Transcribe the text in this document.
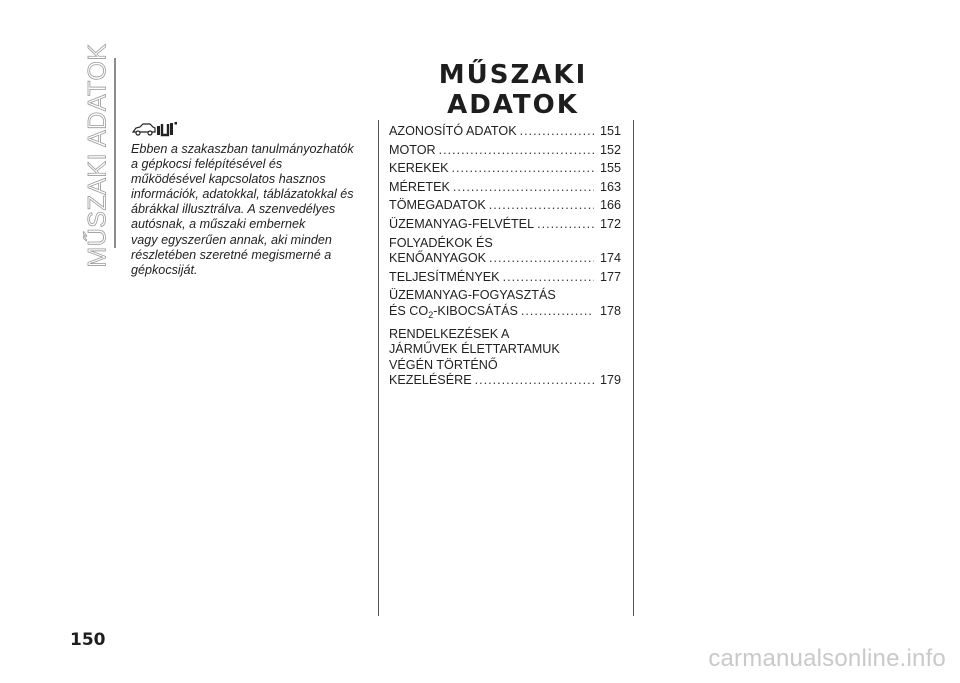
MŰSZAKI ADATOK	MŰSZAKI ADATOK
Ebben a szakaszban tanulmányozhatók
a gépkocsi felépítésével és
működésével kapcsolatos hasznos
információk, adatokkal, táblázatokkal és
ábrákkal illusztrálva. A szenvedélyes
autósnak, a műszaki embernek
vagy egyszerűen annak, aki minden
részletében szeretné megismerné a
gépkocsiját.
AZONOSÍTÓ ADATOK .....	151
MOTOR .....	152
KEREKEK .....	155
MÉRETEK .....	163
TÖMEGADATOK .....	166
ÜZEMANYAG-FELVÉTEL .....	172
FOLYADÉKOK ÉS
KENŐANYAGOK .....	174
TELJESÍTMÉNYEK .....	177
ÜZEMANYAG-FOGYASZTÁS
ÉS $CO_2$-KIBOCSÁTÁS .....	178
RENDELKEZÉSEK A
JÁRMŰVEK ÉLETTARTAMUK
VÉGÉN TÖRTÉNŐ
KEZELÉSÉRE .....	179
150
carmanualsonline.info
